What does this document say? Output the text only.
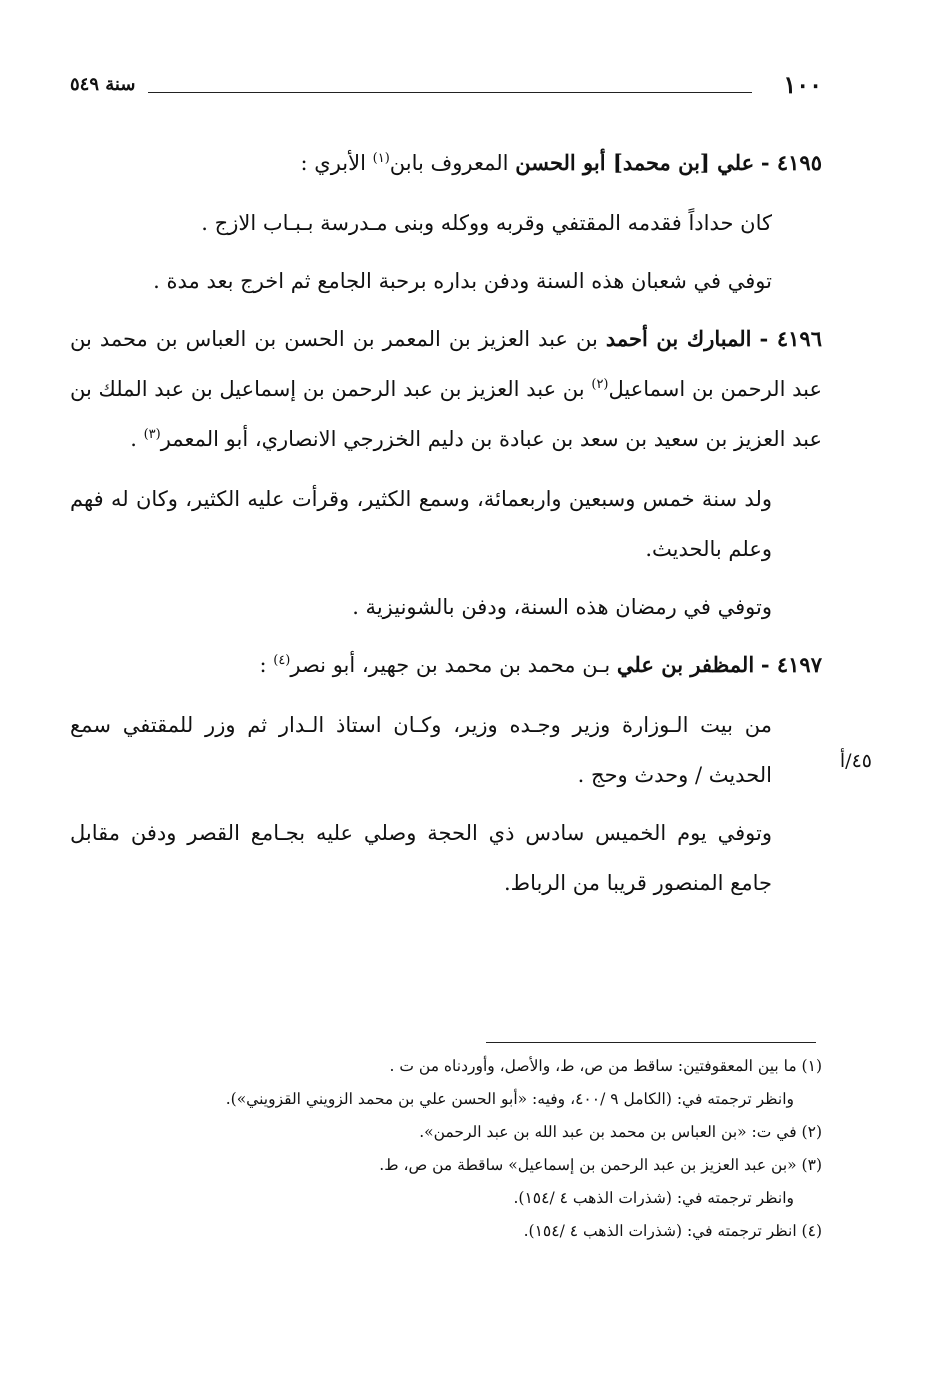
١٠٠
سنة ٥٤٩

٤١٩٥ - علي [بن محمد] أبو الحسن المعروف بابن$^{(١)}$ الأبري :

كان حداداً فقدمه المقتفي وقربه ووكله وبنى مـدرسة بـبـاب الازج .

توفي في شعبان هذه السنة ودفن بداره برحبة الجامع ثم اخرج بعد مدة .

٤١٩٦ - المبارك بن أحمد بن عبد العزيز بن المعمر بن الحسن بن العباس بن محمد بن عبد الرحمن بن اسماعيل$^{(٢)}$ بن عبد العزيز بن عبد الرحمن بن إسماعيل بن عبد الملك بن عبد العزيز بن سعيد بن سعد بن عبادة بن دليم الخزرجي الانصاري، أبو المعمر$^{(٣)}$ .

ولد سنة خمس وسبعين واربعمائة، وسمع الكثير، وقرأت عليه الكثير، وكان له فهم وعلم بالحديث.

وتوفي في رمضان هذه السنة، ودفن بالشونيزية .

٤١٩٧ - المظفر بن علي بـن محمد بن محمد بن جهير، أبو نصر$^{(٤)}$ :

٤٥/أ

من بيت الـوزارة وزير وجـده وزير، وكـان استاذ الـدار ثم وزر للمقتفي سمع الحديث / وحدث وحج .

وتوفي يوم الخميس سادس ذي الحجة وصلي عليه بجـامع القصر ودفن مقابل جامع المنصور قريبا من الرباط.

(١) ما بين المعقوفتين: ساقط من ص، ط، والأصل، وأوردناه من ت .

وانظر ترجمته في: (الكامل ٩ /٤٠٠، وفيه: «أبو الحسن علي بن محمد الزويني القزويني»).

(٢) في ت: «بن العباس بن محمد بن عبد الله بن عبد الرحمن».

(٣) «بن عبد العزيز بن عبد الرحمن بن إسماعيل» ساقطة من ص، ط.

وانظر ترجمته في: (شذرات الذهب ٤ /١٥٤).

(٤) انظر ترجمته في: (شذرات الذهب ٤ /١٥٤).
